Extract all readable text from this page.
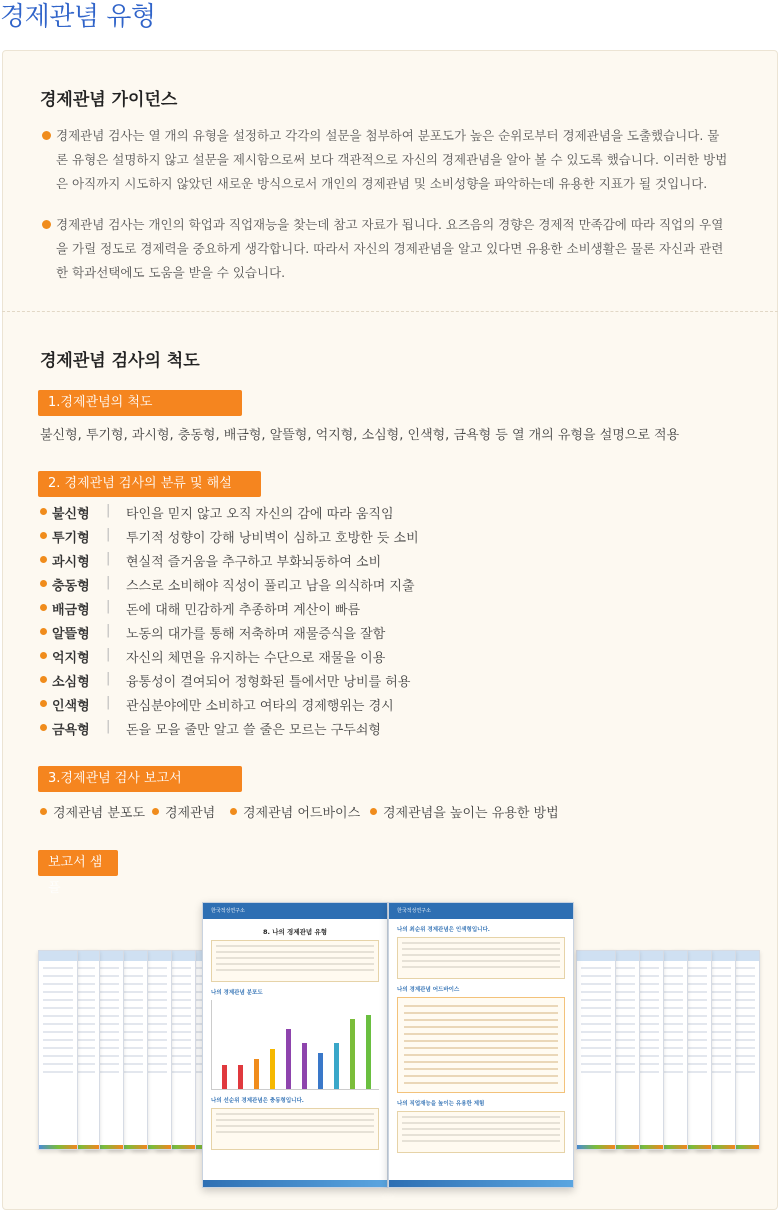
경제관념 유형
경제관념 가이던스
경제관념 검사는 열 개의 유형을 설정하고 각각의 설문을 첨부하여 분포도가 높은 순위로부터 경제관념을 도출했습니다. 물론 유형은 설명하지 않고 설문을 제시함으로써 보다 객관적으로 자신의 경제관념을 알아 볼 수 있도록 했습니다. 이러한 방법은 아직까지 시도하지 않았던 새로운 방식으로서 개인의 경제관념 및 소비성향을 파악하는데 유용한 지표가 될 것입니다.
경제관념 검사는 개인의 학업과 직업재능을 찾는데 참고 자료가 됩니다. 요즈음의 경향은 경제적 만족감에 따라 직업의 우열을 가릴 정도로 경제력을 중요하게 생각합니다. 따라서 자신의 경제관념을 알고 있다면 유용한 소비생활은 물론 자신과 관련한 학과선택에도 도움을 받을 수 있습니다.
경제관념 검사의 척도
1.경제관념의 척도
불신형, 투기형, 과시형, 충동형, 배금형, 알뜰형, 억지형, 소심형, 인색형, 금욕형 등 열 개의 유형을 설명으로 적용
2. 경제관념 검사의 분류 및 해설
불신형 | 타인을 믿지 않고 오직 자신의 감에 따라 움직임
투기형 | 투기적 성향이 강해 낭비벽이 심하고 호방한 듯 소비
과시형 | 현실적 즐거움을 추구하고 부화뇌동하여 소비
충동형 | 스스로 소비해야 직성이 풀리고 남을 의식하며 지출
배금형 | 돈에 대해 민감하게 추종하며 계산이 빠름
알뜰형 | 노동의 대가를 통해 저축하며 재물증식을 잘함
억지형 | 자신의 체면을 유지하는 수단으로 재물을 이용
소심형 | 융통성이 결여되어 정형화된 틀에서만 낭비를 허용
인색형 | 관심분야에만 소비하고 여타의 경제행위는 경시
금욕형 | 돈을 모을 줄만 알고 쓸 줄은 모르는 구두쇠형
3.경제관념 검사 보고서
경제관념 분포도	경제관념	경제관념 어드바이스	경제관념을 높이는 유용한 방법
보고서 샘플
한국적성연구소
8. 나의 경제관념 유형
나의 경제관념 분포도
나의 선순위 경제관념은 충동형입니다.
한국적성연구소
나의 최순위 경제관념은 인색형입니다.
나의 경제관념 어드바이스
나의 직업재능을 높이는 유용한 제험
